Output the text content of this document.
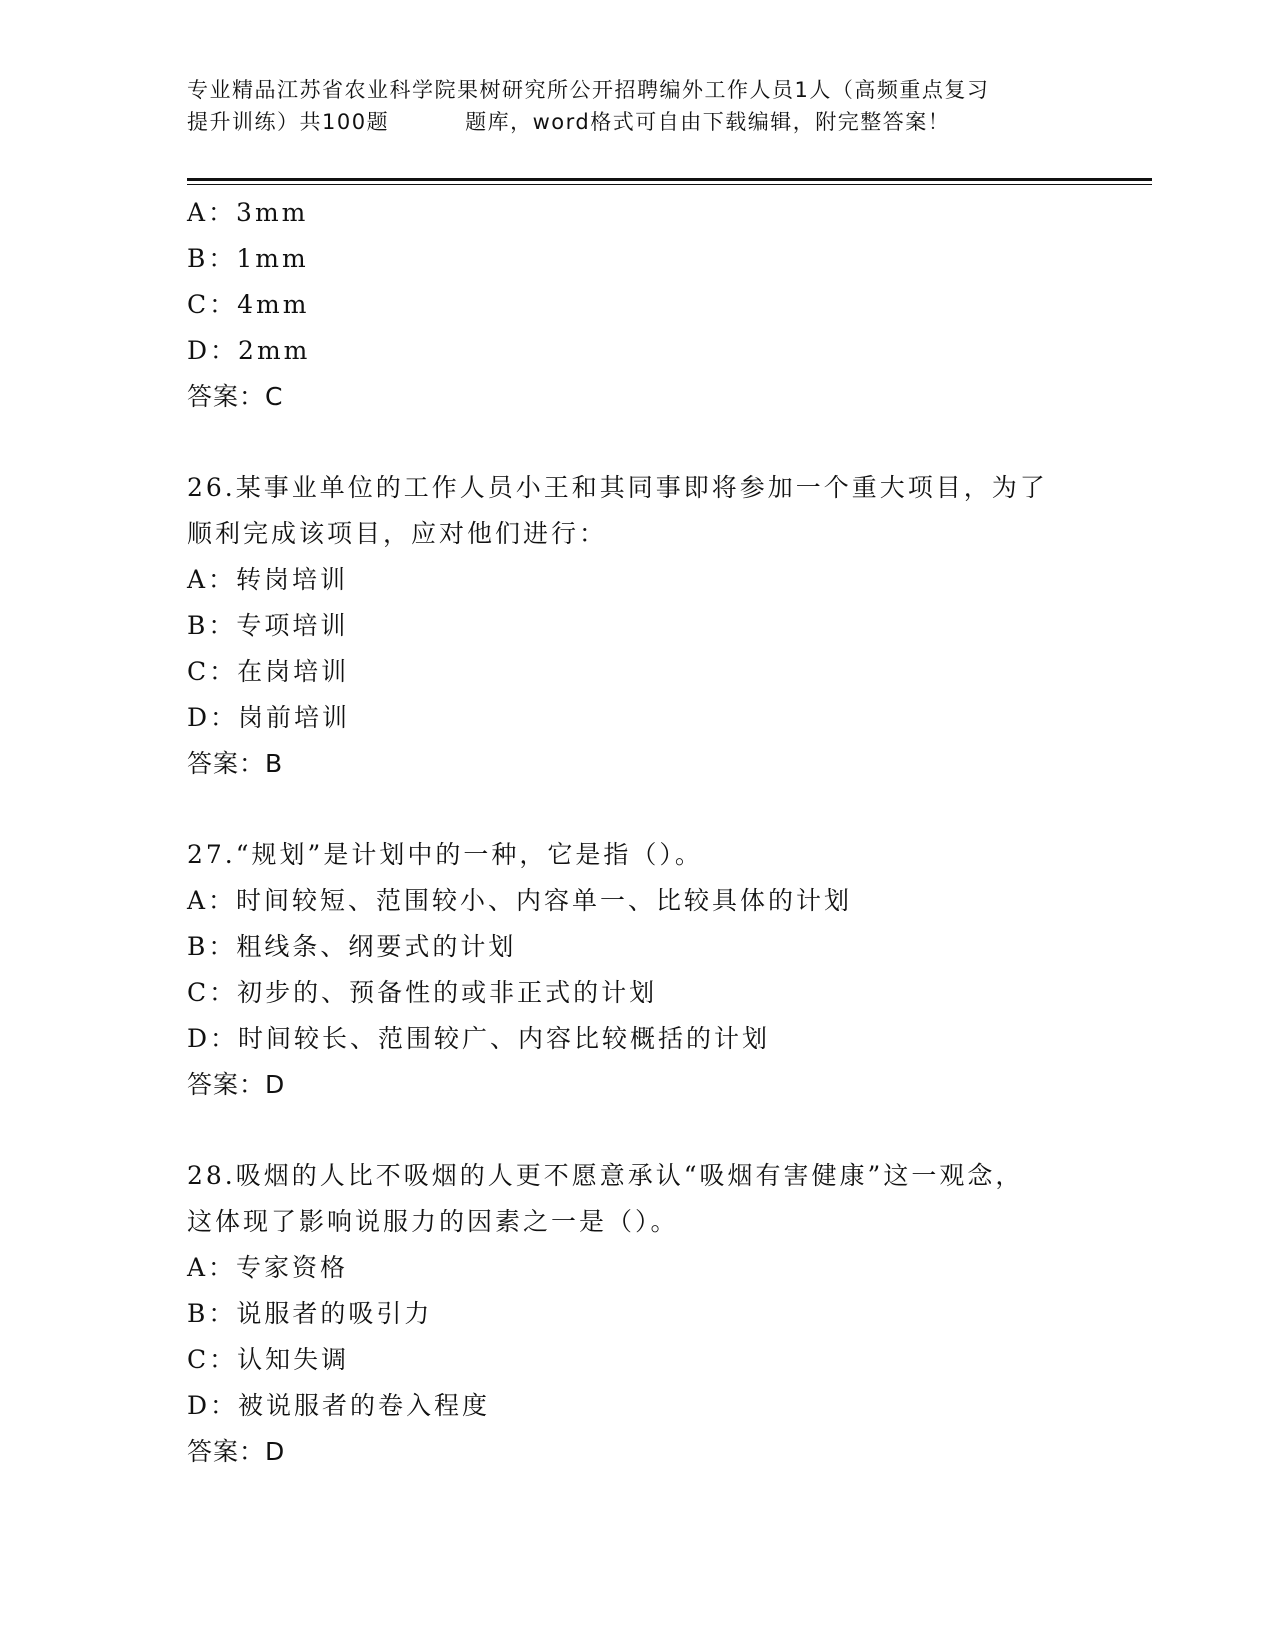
专业精品江苏省农业科学院果树研究所公开招聘编外工作人员1人（高频重点复习
提升训练）共100题	题库，word格式可自由下载编辑，附完整答案！
A：3mm
B：1mm
C：4mm
D：2mm
答案：C
26.某事业单位的工作人员小王和其同事即将参加一个重大项目，为了
顺利完成该项目，应对他们进行：
A：转岗培训
B：专项培训
C：在岗培训
D：岗前培训
答案：B
27.“规划”是计划中的一种，它是指（）。
A：时间较短、范围较小、内容单一、比较具体的计划
B：粗线条、纲要式的计划
C：初步的、预备性的或非正式的计划
D：时间较长、范围较广、内容比较概括的计划
答案：D
28.吸烟的人比不吸烟的人更不愿意承认“吸烟有害健康”这一观念，
这体现了影响说服力的因素之一是（）。
A：专家资格
B：说服者的吸引力
C：认知失调
D：被说服者的卷入程度
答案：D
